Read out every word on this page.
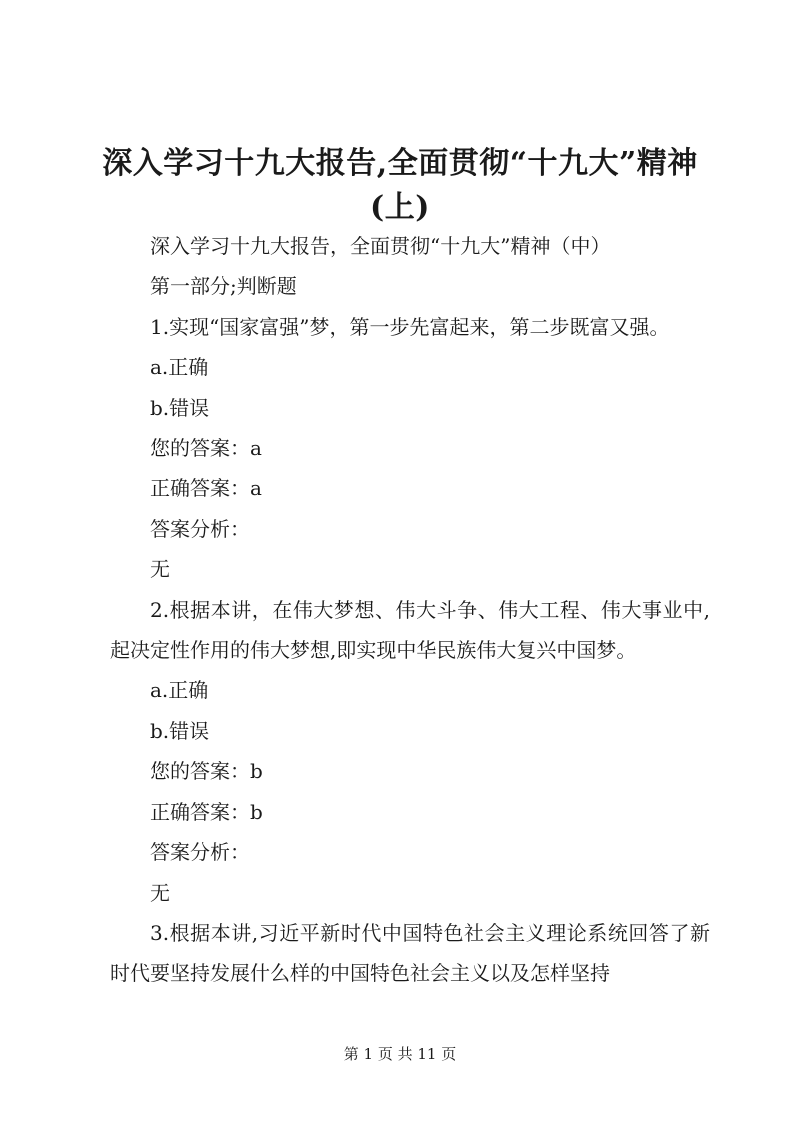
深入学习十九大报告,全面贯彻“十九大”精神(上)

深入学习十九大报告，全面贯彻“十九大”精神（中）

第一部分;判断题

1.实现“国家富强”梦，第一步先富起来，第二步既富又强。

a.正确

b.错误

您的答案：a

正确答案：a

答案分析：

无

2.根据本讲，在伟大梦想、伟大斗争、伟大工程、伟大事业中,起决定性作用的伟大梦想,即实现中华民族伟大复兴中国梦。

a.正确

b.错误

您的答案：b

正确答案：b

答案分析：

无

3.根据本讲,习近平新时代中国特色社会主义理论系统回答了新时代要坚持发展什么样的中国特色社会主义以及怎样坚持

第 1 页 共 11 页
